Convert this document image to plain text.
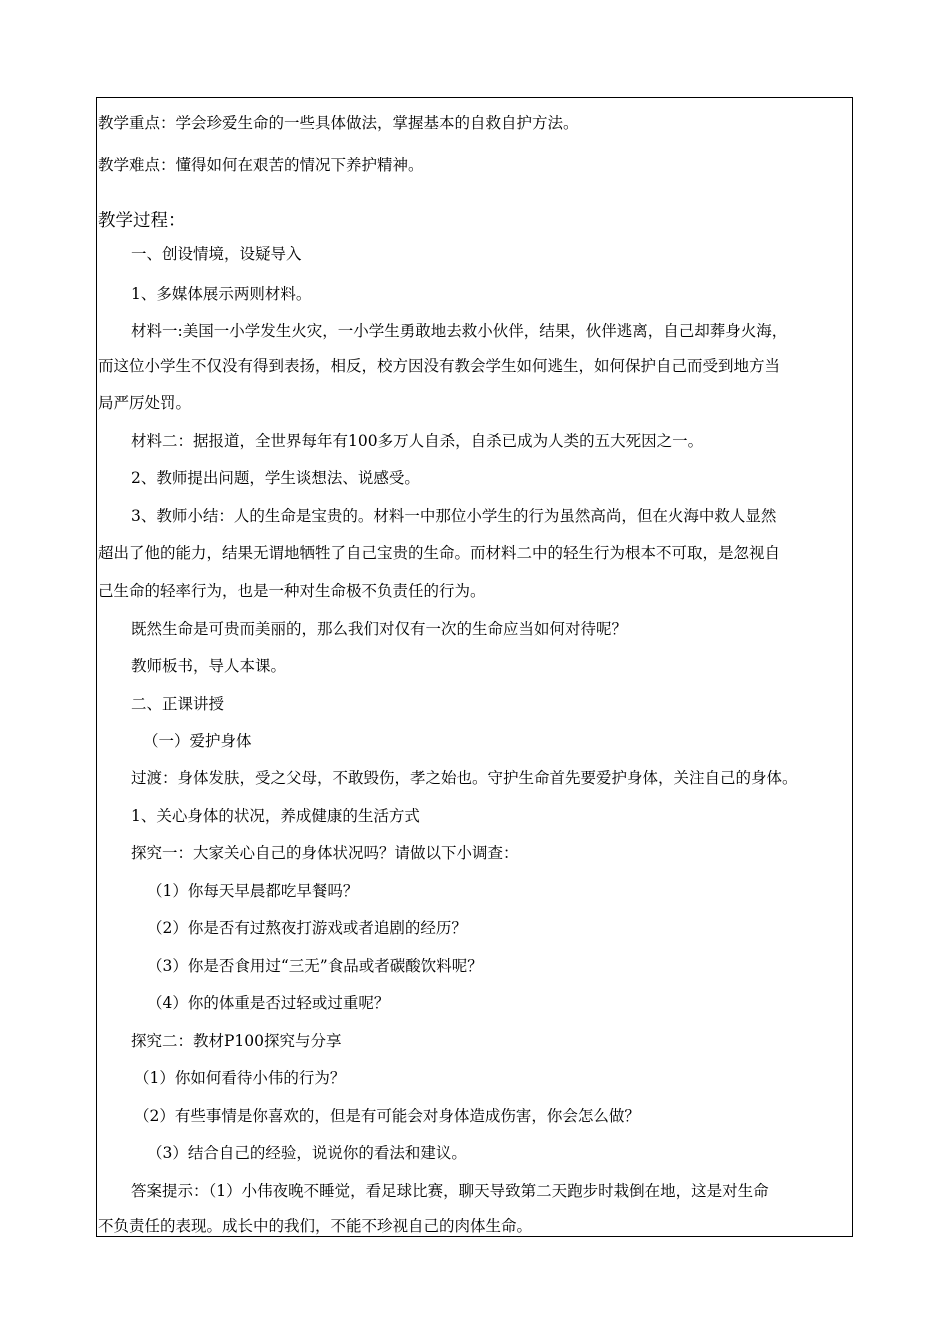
教学重点：学会珍爱生命的一些具体做法，掌握基本的自救自护方法。
教学难点：懂得如何在艰苦的情况下养护精神。
教学过程：
一、创设情境，设疑导入
1、多媒体展示两则材料。
材料一:美国一小学发生火灾，一小学生勇敢地去救小伙伴，结果，伙伴逃离，自己却葬身火海，
而这位小学生不仅没有得到表扬，相反，校方因没有教会学生如何逃生，如何保护自己而受到地方当
局严厉处罚。
材料二：据报道，全世界每年有100多万人自杀，自杀已成为人类的五大死因之一。
2、教师提出问题，学生谈想法、说感受。
3、教师小结：人的生命是宝贵的。材料一中那位小学生的行为虽然高尚，但在火海中救人显然
超出了他的能力，结果无谓地牺牲了自己宝贵的生命。而材料二中的轻生行为根本不可取，是忽视自
己生命的轻率行为，也是一种对生命极不负责任的行为。
既然生命是可贵而美丽的，那么我们对仅有一次的生命应当如何对待呢？
教师板书，导人本课。
二、正课讲授
（一）爱护身体
过渡：身体发肤，受之父母，不敢毁伤，孝之始也。守护生命首先要爱护身体，关注自己的身体。
1、关心身体的状况，养成健康的生活方式
探究一：大家关心自己的身体状况吗？请做以下小调查：
（1）你每天早晨都吃早餐吗？
（2）你是否有过熬夜打游戏或者追剧的经历？
（3）你是否食用过“三无”食品或者碳酸饮料呢？
（4）你的体重是否过轻或过重呢？
探究二：教材P100探究与分享
（1）你如何看待小伟的行为？
（2）有些事情是你喜欢的，但是有可能会对身体造成伤害，你会怎么做？
（3）结合自己的经验，说说你的看法和建议。
答案提示：（1）小伟夜晚不睡觉，看足球比赛，聊天导致第二天跑步时栽倒在地，这是对生命
不负责任的表现。成长中的我们，不能不珍视自己的肉体生命。
